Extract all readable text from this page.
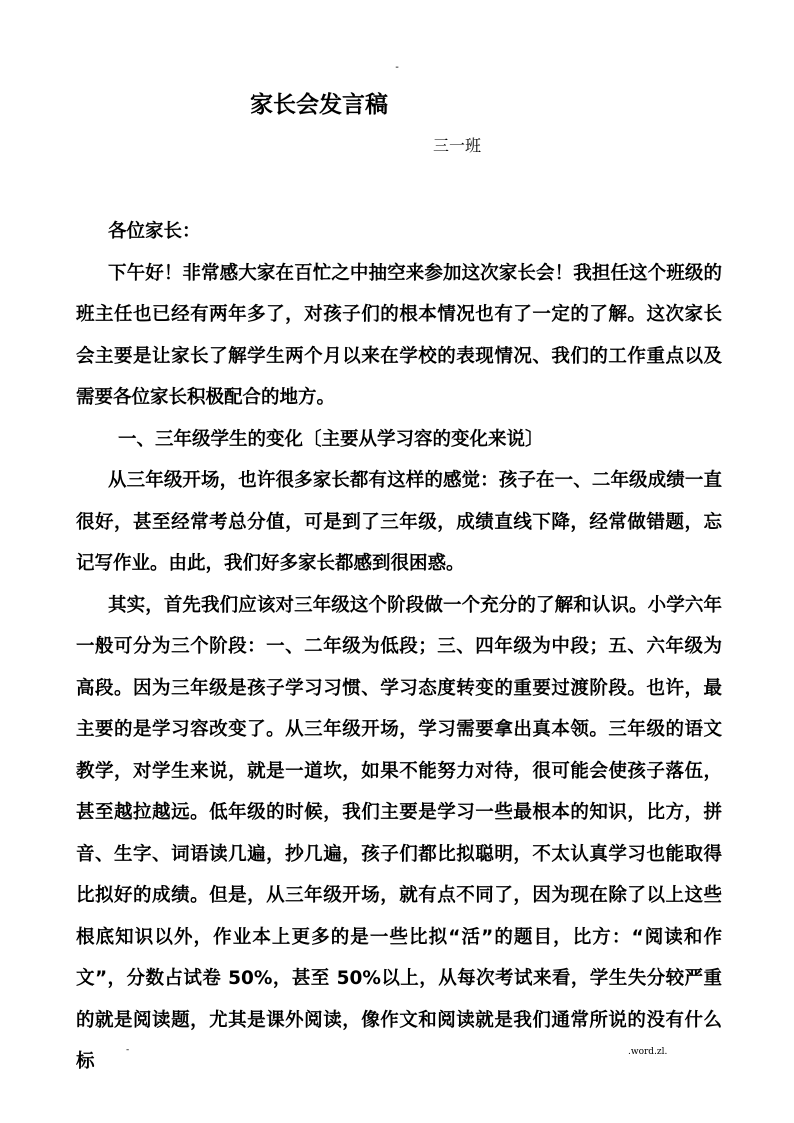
-
家长会发言稿
三一班

各位家长：

下午好！非常感大家在百忙之中抽空来参加这次家长会！我担任这个班级的班主任也已经有两年多了，对孩子们的根本情况也有了一定的了解。这次家长会主要是让家长了解学生两个月以来在学校的表现情况、我们的工作重点以及需要各位家长积极配合的地方。

一、三年级学生的变化〔主要从学习容的变化来说〕

从三年级开场，也许很多家长都有这样的感觉：孩子在一、二年级成绩一直很好，甚至经常考总分值，可是到了三年级，成绩直线下降，经常做错题，忘记写作业。由此，我们好多家长都感到很困惑。

其实，首先我们应该对三年级这个阶段做一个充分的了解和认识。小学六年一般可分为三个阶段：一、二年级为低段；三、四年级为中段；五、六年级为高段。因为三年级是孩子学习习惯、学习态度转变的重要过渡阶段。也许，最主要的是学习容改变了。从三年级开场，学习需要拿出真本领。三年级的语文教学，对学生来说，就是一道坎，如果不能努力对待，很可能会使孩子落伍，甚至越拉越远。低年级的时候，我们主要是学习一些最根本的知识，比方，拼音、生字、词语读几遍，抄几遍，孩子们都比拟聪明，不太认真学习也能取得比拟好的成绩。但是，从三年级开场，就有点不同了，因为现在除了以上这些根底知识以外，作业本上更多的是一些比拟“活”的题目，比方：“阅读和作文”，分数占试卷 50%，甚至 50%以上，从每次考试来看，学生失分较严重的就是阅读题，尤其是课外阅读，像作文和阅读就是我们通常所说的没有什么标

-	.word.zl.
